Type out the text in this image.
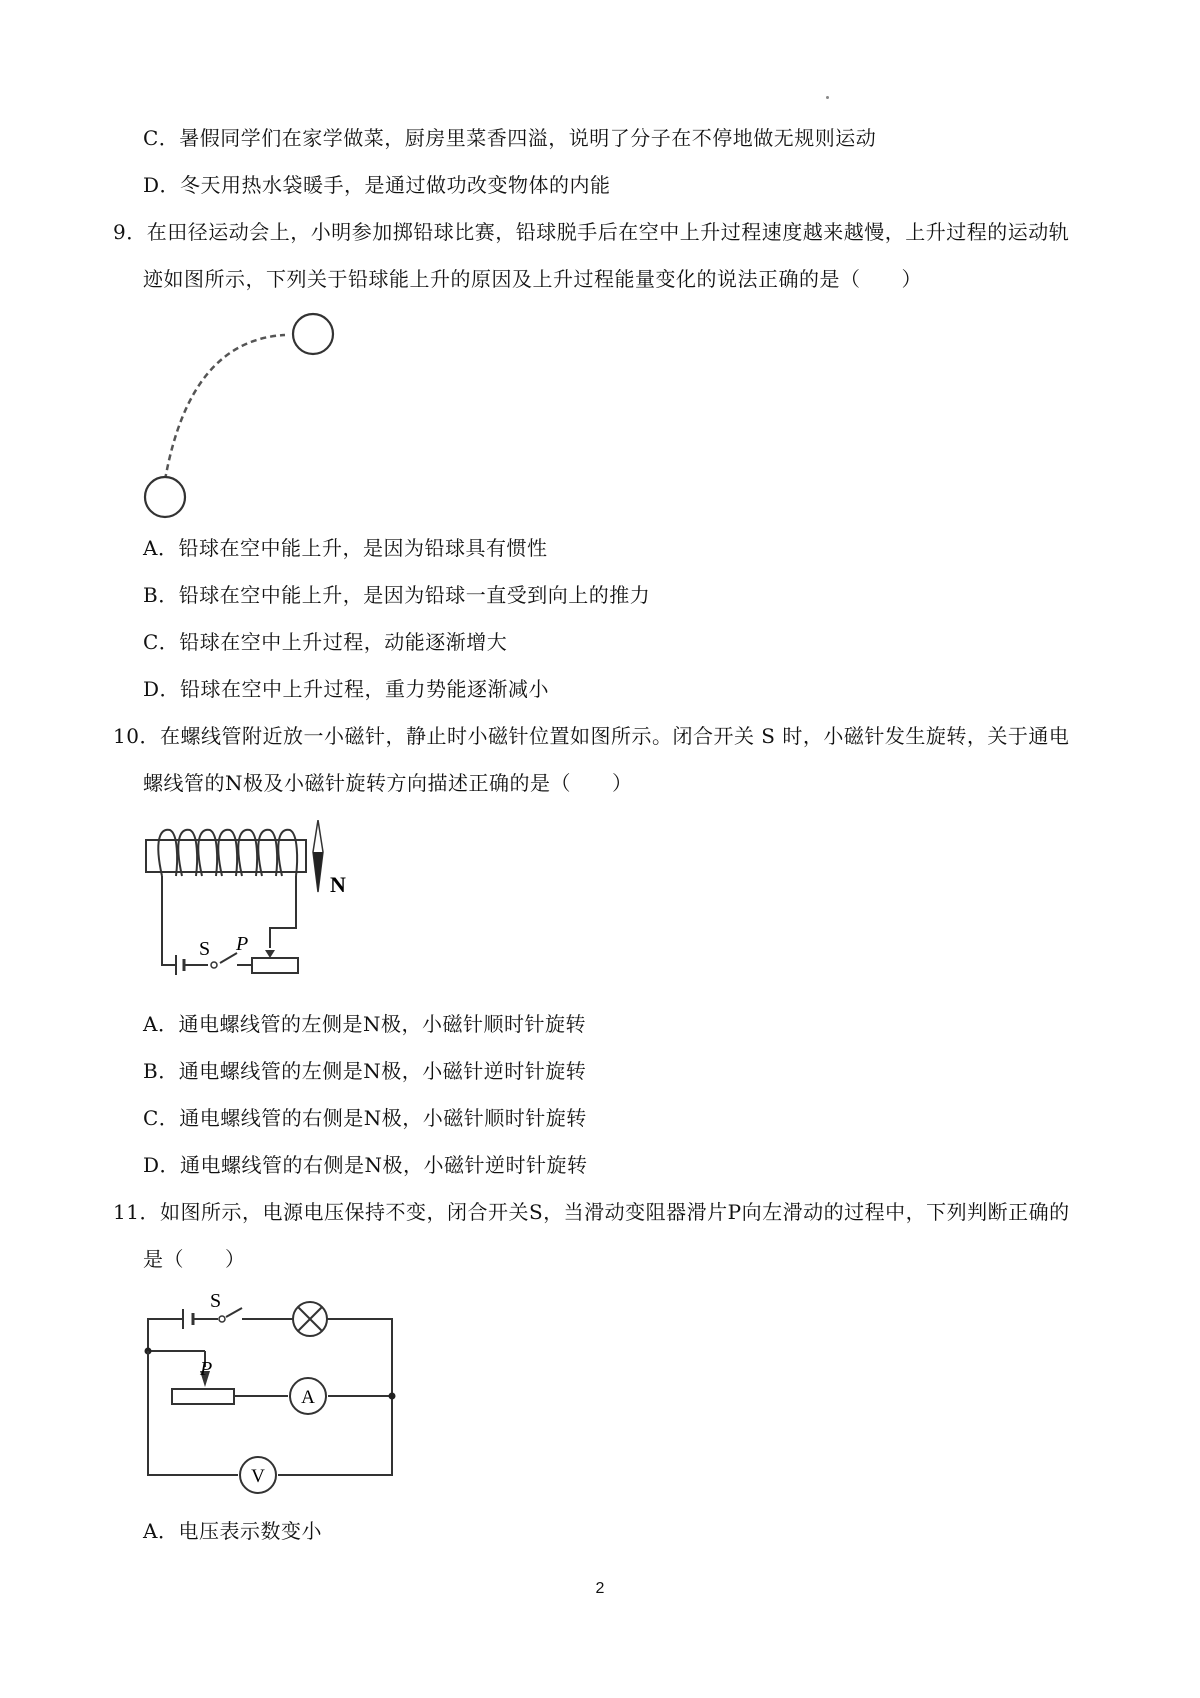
C．暑假同学们在家学做菜，厨房里菜香四溢，说明了分子在不停地做无规则运动
D．冬天用热水袋暖手，是通过做功改变物体的内能
9．在田径运动会上，小明参加掷铅球比赛，铅球脱手后在空中上升过程速度越来越慢，上升过程的运动轨
迹如图所示，下列关于铅球能上升的原因及上升过程能量变化的说法正确的是（　　）
A．铅球在空中能上升，是因为铅球具有惯性
B．铅球在空中能上升，是因为铅球一直受到向上的推力
C．铅球在空中上升过程，动能逐渐增大
D．铅球在空中上升过程，重力势能逐渐减小
10．在螺线管附近放一小磁针，静止时小磁针位置如图所示。闭合开关 S 时，小磁针发生旋转，关于通电
螺线管的N极及小磁针旋转方向描述正确的是（　　）
S P
N
A．通电螺线管的左侧是N极，小磁针顺时针旋转
B．通电螺线管的左侧是N极，小磁针逆时针旋转
C．通电螺线管的右侧是N极，小磁针顺时针旋转
D．通电螺线管的右侧是N极，小磁针逆时针旋转
11．如图所示，电源电压保持不变，闭合开关S，当滑动变阻器滑片P向左滑动的过程中，下列判断正确的
是（　　）
S
P
A
V
A．电压表示数变小
2
